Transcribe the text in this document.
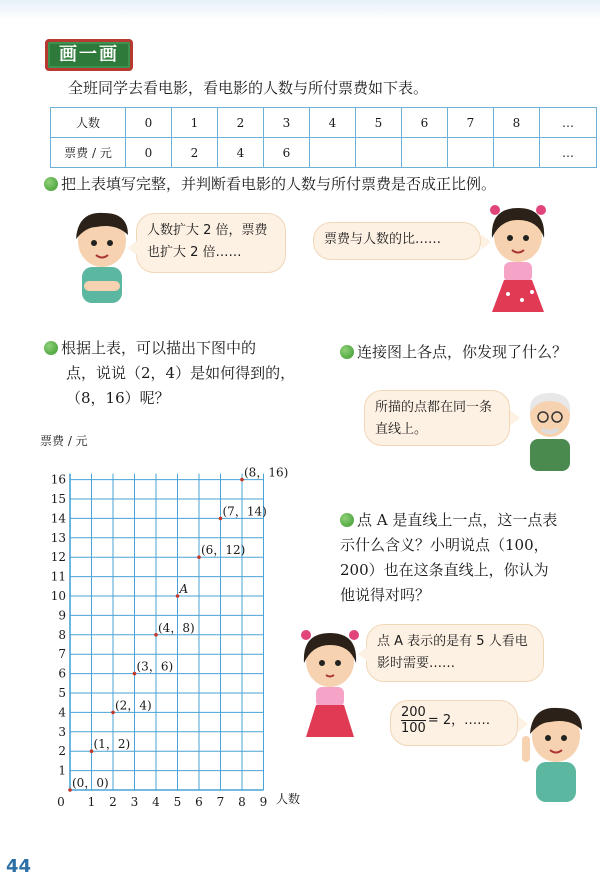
画一画
全班同学去看电影，看电影的人数与所付票费如下表。
人数	0	1	2	3	4	5	6	7	8	…
票费 / 元	0	2	4	6						…
把上表填写完整，并判断看电影的人数与所付票费是否成正比例。
人数扩大 2 倍，票费也扩大 2 倍……
票费与人数的比……
根据上表，可以描出下图中的
点，说说（2，4）是如何得到的，
（8，16）呢？
连接图上各点，你发现了什么？
所描的点都在同一条直线上。
点 A 是直线上一点，这一点表
示什么含义？小明说点（100，
200）也在这条直线上，你认为
他说得对吗？
点 A 表示的是有 5 人看电影时需要……
$\frac{200}{100} = 2$，……
票费 / 元
人数
0 1 2 3 4 5 6 7 8 9
1
2
3
4
5
6
7
8
9
10
11
12
13
14
15
16
(0，0)
(1，2)
(2，4)
(3，6)
(4，8)
A
(6，12)
(7，14)
(8，16)
44
